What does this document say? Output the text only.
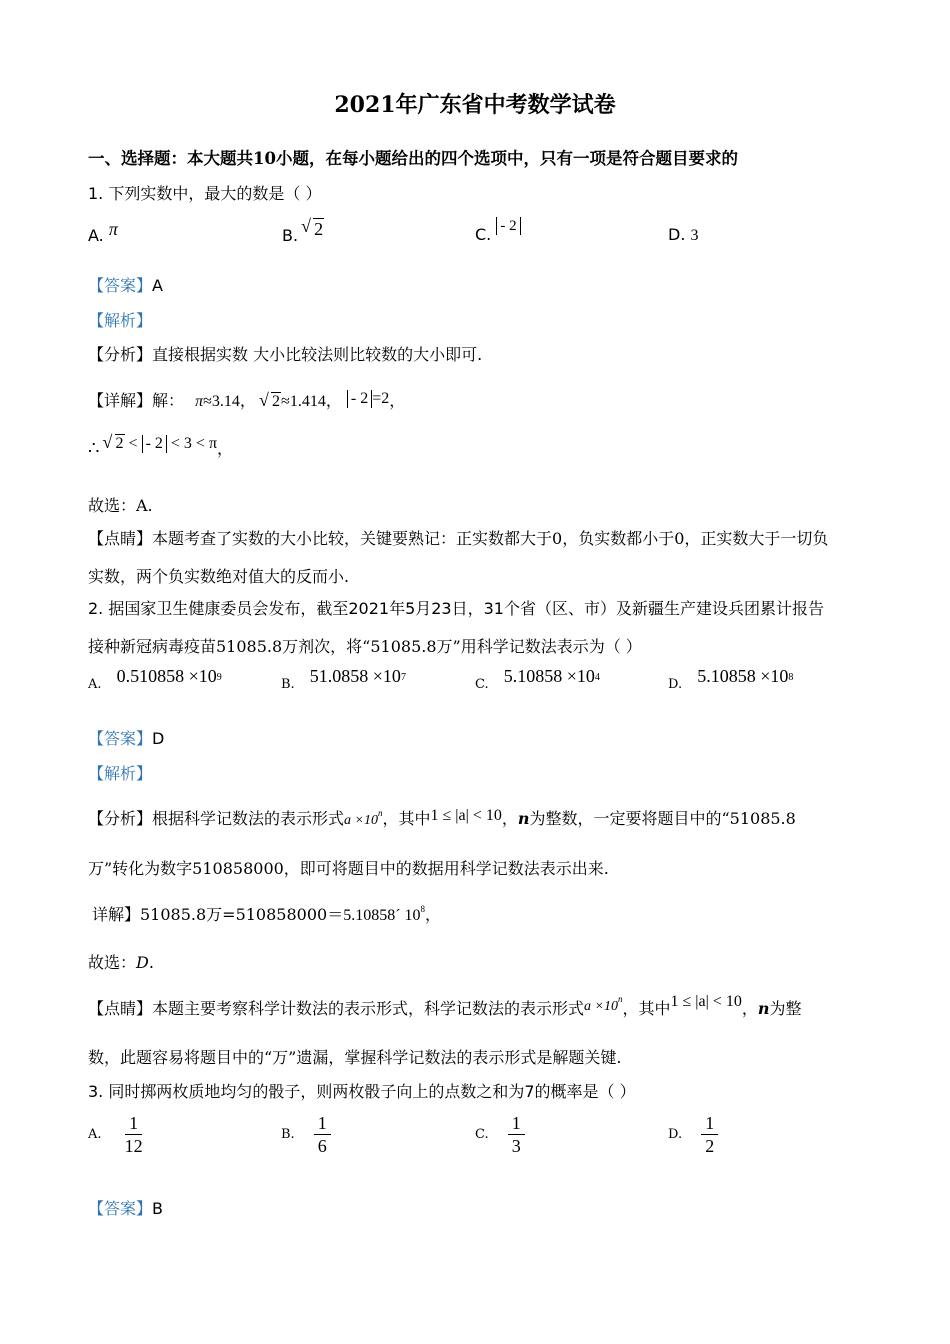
2021年广东省中考数学试卷
一、选择题：本大题共10小题，在每小题给出的四个选项中，只有一项是符合题目要求的
1. 下列实数中，最大的数是（ ）
A. π	B. √ 2	C. - 2	D. 3
【答案】A
【解析】
【分析】直接根据实数 大小比较法则比较数的大小即可.
【详解】解： π≈3.14， √ 2≈1.414， - 2 =2，
∴ √ 2 < - 2 < 3 < π，
故选：A.
【点睛】本题考查了实数的大小比较，关键要熟记：正实数都大于0，负实数都小于0，正实数大于一切负
实数，两个负实数绝对值大的反而小.
2. 据国家卫生健康委员会发布，截至2021年5月23日，31个省（区、市）及新疆生产建设兵团累计报告
接种新冠病毒疫苗51085.8万剂次，将“51085.8万”用科学记数法表示为（ ）
A. $0.510858 \times 10^9$	B. $51.0858 \times 10^7$	C. $5.10858 \times 10^4$	D. $5.10858 \times 10^8$
【答案】D
【解析】
【分析】根据科学记数法的表示形式$a \times 10^n$，其中1 ≤ |a| < 10，n为整数，一定要将题目中的“51085.8
万”转化为数字510858000，即可将题目中的数据用科学记数法表示出来.
详解】51085.8万=510858000＝5.10858´ $10^8$，
故选：D.
【点睛】本题主要考察科学计数法的表示形式，科学记数法的表示形式$a \times 10^n$，其中1 ≤ |a| < 10，n为整
数，此题容易将题目中的“万”遗漏，掌握科学记数法的表示形式是解题关键.
3. 同时掷两枚质地均匀的骰子，则两枚骰子向上的点数之和为7的概率是（ ）
A. $\frac{1}{12}$	B. $\frac{1}{6}$	C. $\frac{1}{3}$	D. $\frac{1}{2}$
【答案】B
